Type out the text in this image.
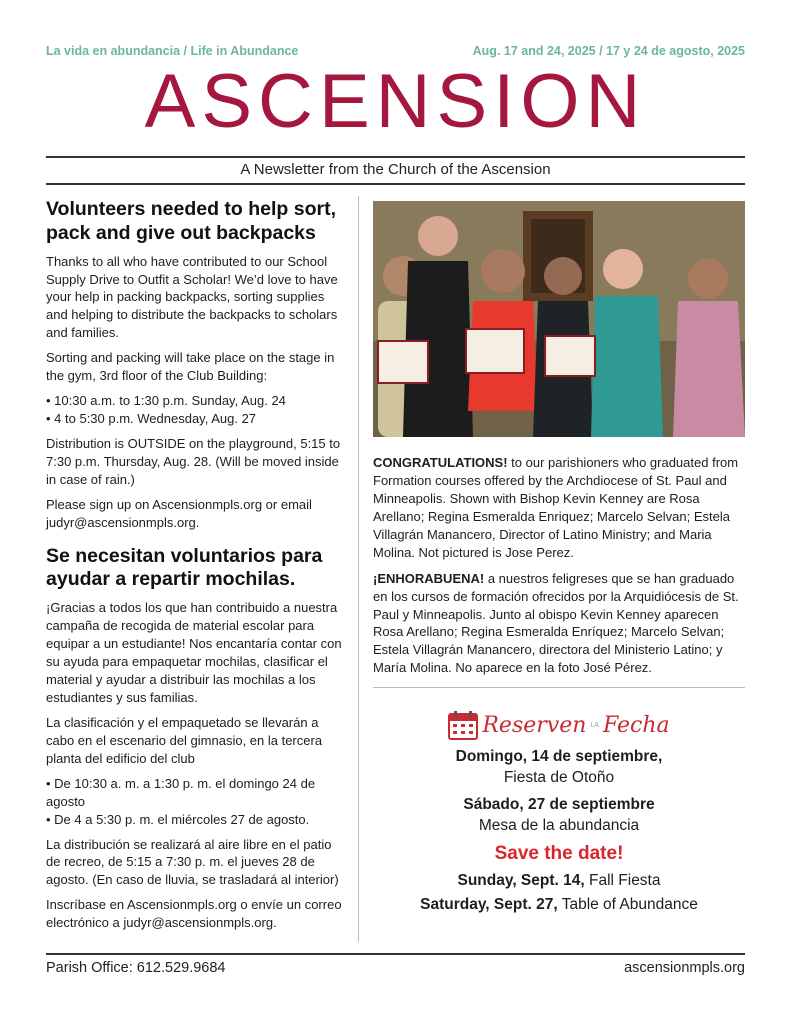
La vida en abundancia / Life in Abundance	Aug. 17 and 24, 2025 / 17 y 24 de agosto, 2025
ASCENSION
A Newsletter from the Church of the Ascension
Volunteers needed to help sort, pack and give out backpacks

Thanks to all who have contributed to our School Supply Drive to Outfit a Scholar! We’d love to have your help in packing backpacks, sorting supplies and helping to distribute the backpacks to scholars and families.

Sorting and packing will take place on the stage in the gym, 3rd floor of the Club Building:

• 10:30 a.m. to 1:30 p.m. Sunday, Aug. 24
• 4 to 5:30 p.m. Wednesday, Aug. 27

Distribution is OUTSIDE on the playground, 5:15 to 7:30 p.m. Thursday, Aug. 28. (Will be moved inside in case of rain.)

Please sign up on Ascensionmpls.org or email judyr@ascensionmpls.org.

Se necesitan voluntarios para ayudar a repartir mochilas.

¡Gracias a todos los que han contribuido a nuestra campaña de recogida de material escolar para equipar a un estudiante! Nos encantaría contar con su ayuda para empaquetar mochilas, clasificar el material y ayudar a distribuir las mochilas a los estudiantes y sus familias.

La clasificación y el empaquetado se llevarán a cabo en el escenario del gimnasio, en la tercera planta del edificio del club

• De 10:30 a. m. a 1:30 p. m. el domingo 24 de agosto
• De 4 a 5:30 p. m. el miércoles 27 de agosto.

La distribución se realizará al aire libre en el patio de recreo, de 5:15 a 7:30 p. m. el jueves 28 de agosto. (En caso de lluvia, se trasladará al interior)

Inscríbase en Ascensionmpls.org o envíe un correo electrónico a judyr@ascensionmpls.org.

CONGRATULATIONS! to our parishioners who graduated from Formation courses offered by the Archdiocese of St. Paul and Minneapolis. Shown with Bishop Kevin Kenney are Rosa Arellano; Regina Esmeralda Enriquez; Marcelo Selvan; Estela Villagrán Manancero, Director of Latino Ministry; and Maria Molina. Not pictured is Jose Perez.

¡ENHORABUENA! a nuestros feligreses que se han graduado en los cursos de formación ofrecidos por la Arquidiócesis de St. Paul y Minneapolis. Junto al obispo Kevin Kenney aparecen Rosa Arellano; Regina Esmeralda Enríquez; Marcelo Selvan; Estela Villagrán Manancero, directora del Ministerio Latino; y María Molina. No aparece en la foto José Pérez.

Reserven LA Fecha
Domingo, 14 de septiembre,
Fiesta de Otoño
Sábado, 27 de septiembre
Mesa de la abundancia
Save the date!
Sunday, Sept. 14, Fall Fiesta
Saturday, Sept. 27, Table of Abundance
Parish Office: 612.529.9684	ascensionmpls.org
